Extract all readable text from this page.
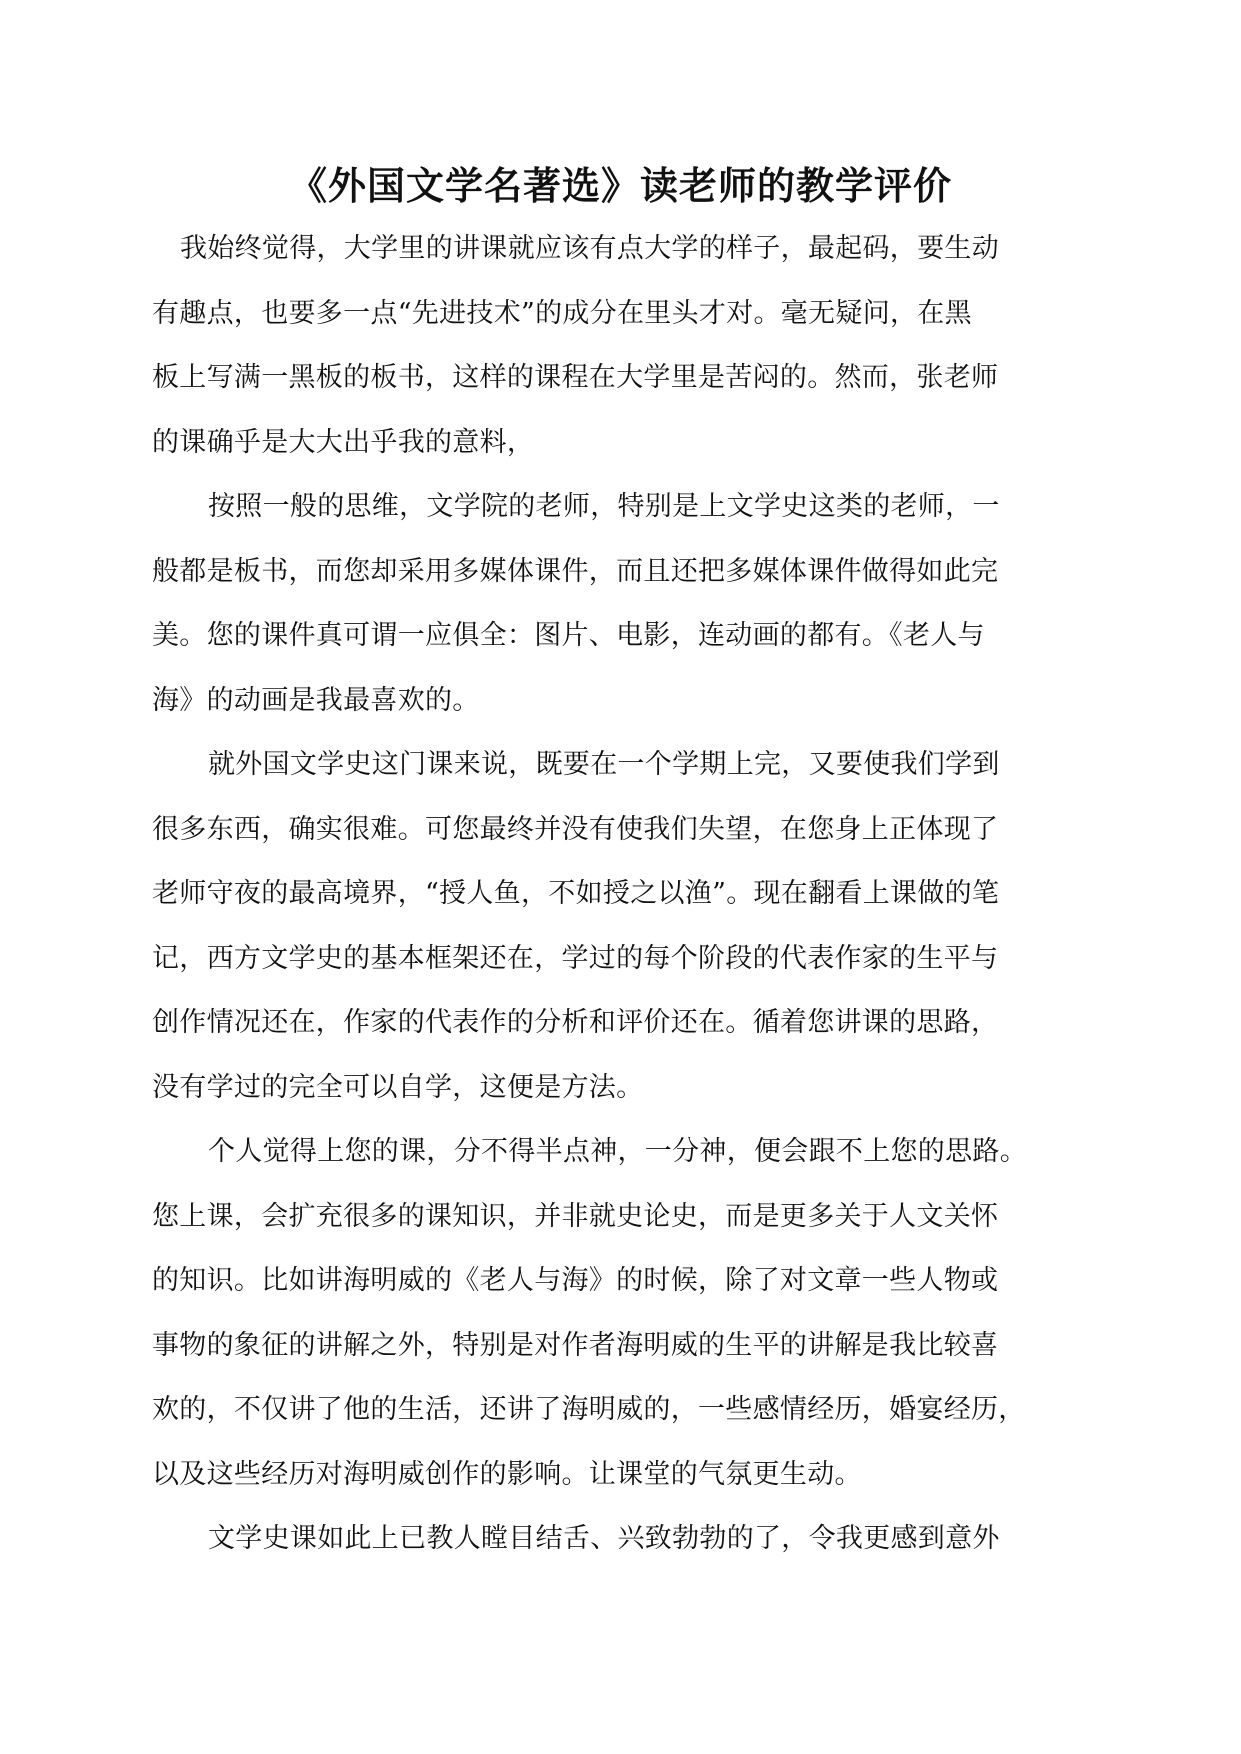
《外国文学名著选》读老师的教学评价
我始终觉得，大学里的讲课就应该有点大学的样子，最起码，要生动
有趣点，也要多一点“先进技术”的成分在里头才对。毫无疑问，在黑
板上写满一黑板的板书，这样的课程在大学里是苦闷的。然而，张老师
的课确乎是大大出乎我的意料，
按照一般的思维，文学院的老师，特别是上文学史这类的老师，一
般都是板书，而您却采用多媒体课件，而且还把多媒体课件做得如此完
美。您的课件真可谓一应俱全：图片、电影，连动画的都有。《老人与
海》的动画是我最喜欢的。
就外国文学史这门课来说，既要在一个学期上完，又要使我们学到
很多东西，确实很难。可您最终并没有使我们失望，在您身上正体现了
老师守夜的最高境界，“授人鱼，不如授之以渔”。现在翻看上课做的笔
记，西方文学史的基本框架还在，学过的每个阶段的代表作家的生平与
创作情况还在，作家的代表作的分析和评价还在。循着您讲课的思路，
没有学过的完全可以自学，这便是方法。
个人觉得上您的课，分不得半点神，一分神，便会跟不上您的思路。
您上课，会扩充很多的课知识，并非就史论史，而是更多关于人文关怀
的知识。比如讲海明威的《老人与海》的时候，除了对文章一些人物或
事物的象征的讲解之外，特别是对作者海明威的生平的讲解是我比较喜
欢的，不仅讲了他的生活，还讲了海明威的，一些感情经历，婚宴经历，
以及这些经历对海明威创作的影响。让课堂的气氛更生动。
文学史课如此上已教人瞠目结舌、兴致勃勃的了，令我更感到意外
